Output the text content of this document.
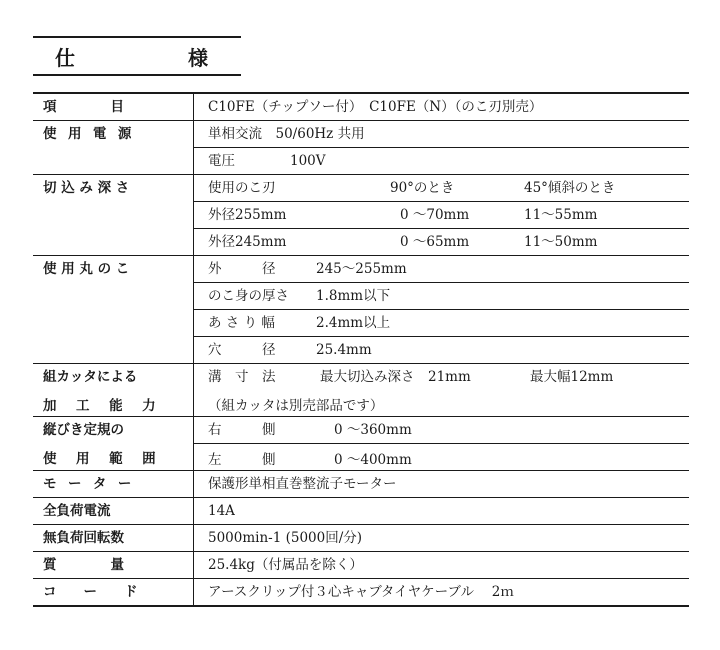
仕	様
項　　　　目	C10FE（チップソー付）　C10FE（N）（のこ刃別売）
使 用 電 源	単相交流　50/60Hz 共用
電圧	100V
切 込 み 深 さ	使用のこ刃	90°のとき	45°傾斜のとき
外径255mm	0 ～70mm	11～55mm
外径245mm	0 ～65mm	11～50mm
使 用 丸 の こ	外　　　径	245～255mm
のこ身の厚さ 1.8mm以下
あ さ り 幅	2.4mm以上
穴　　　径	25.4mm
組カッタによる
加 工 能 力
溝　寸　法	最大切込み深さ　21mm	最大幅12mm
（組カッタは別売部品です）
縦びき定規の
使 用 範 囲
右　　　側	0 ～360mm
左　　　側	0 ～400mm
モ ー タ ー	保護形単相直巻整流子モーター
全負荷電流	14A
無負荷回転数	5000min-1 (5000回/分)
質　　　　量	25.4kg（付属品を除く）
コ　　ー　　ド	アースクリップ付３心キャブタイヤケーブル　 2ｍ
